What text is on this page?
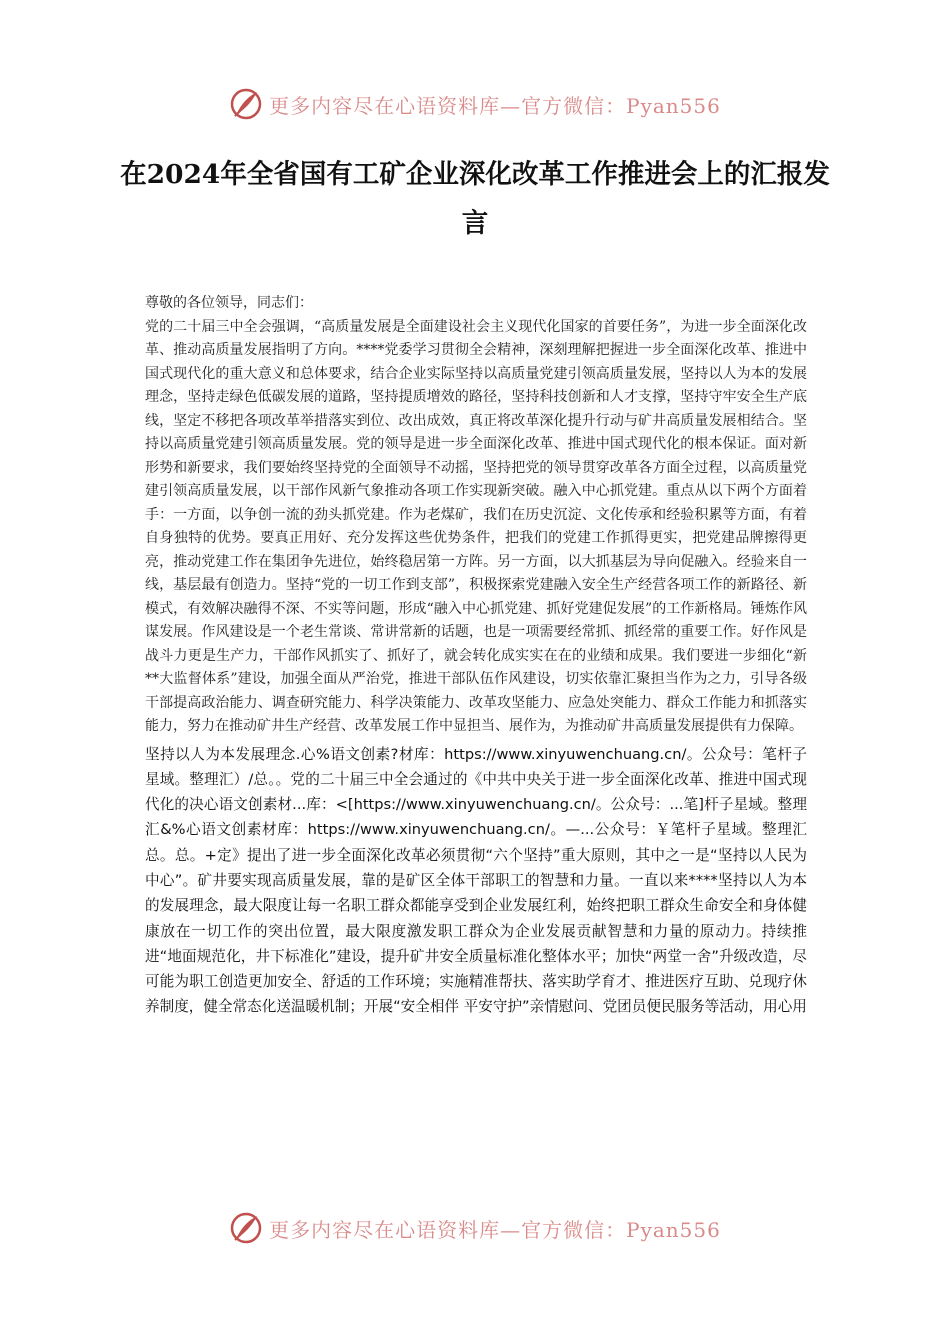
更多内容尽在心语资料库—官方微信：Pyan556
在2024年全省国有工矿企业深化改革工作推进会上的汇报发言

尊敬的各位领导，同志们：

党的二十届三中全会强调，“高质量发展是全面建设社会主义现代化国家的首要任务”，为进一步全面深化改革、推动高质量发展指明了方向。****党委学习贯彻全会精神，深刻理解把握进一步全面深化改革、推进中国式现代化的重大意义和总体要求，结合企业实际坚持以高质量党建引领高质量发展，坚持以人为本的发展理念，坚持走绿色低碳发展的道路，坚持提质增效的路径，坚持科技创新和人才支撑，坚持守牢安全生产底线，坚定不移把各项改革举措落实到位、改出成效，真正将改革深化提升行动与矿井高质量发展相结合。坚持以高质量党建引领高质量发展。党的领导是进一步全面深化改革、推进中国式现代化的根本保证。面对新形势和新要求，我们要始终坚持党的全面领导不动摇，坚持把党的领导贯穿改革各方面全过程，以高质量党建引领高质量发展，以干部作风新气象推动各项工作实现新突破。融入中心抓党建。重点从以下两个方面着手：一方面，以争创一流的劲头抓党建。作为老煤矿，我们在历史沉淀、文化传承和经验积累等方面，有着自身独特的优势。要真正用好、充分发挥这些优势条件，把我们的党建工作抓得更实，把党建品牌擦得更亮，推动党建工作在集团争先进位，始终稳居第一方阵。另一方面，以大抓基层为导向促融入。经验来自一线，基层最有创造力。坚持“党的一切工作到支部”，积极探索党建融入安全生产经营各项工作的新路径、新模式，有效解决融得不深、不实等问题，形成“融入中心抓党建、抓好党建促发展”的工作新格局。锤炼作风谋发展。作风建设是一个老生常谈、常讲常新的话题，也是一项需要经常抓、抓经常的重要工作。好作风是战斗力更是生产力，干部作风抓实了、抓好了，就会转化成实实在在的业绩和成果。我们要进一步细化“新**大监督体系”建设，加强全面从严治党，推进干部队伍作风建设，切实依靠汇聚担当作为之力，引导各级干部提高政治能力、调查研究能力、科学决策能力、改革攻坚能力、应急处突能力、群众工作能力和抓落实能力，努力在推动矿井生产经营、改革发展工作中显担当、展作为，为推动矿井高质量发展提供有力保障。

坚持以人为本发展理念.心%语文创素?材库：https://www.xinyuwenchuang.cn/。公众号：笔杆子星域。整理汇）/总。。党的二十届三中全会通过的《中共中央关于进一步全面深化改革、推进中国式现代化的决心语文创素材...库：<[https://www.xinyuwenchuang.cn/。公众号：...笔]杆子星域。整理汇&%心语文创素材库：https://www.xinyuwenchuang.cn/。—...公众号：￥笔杆子星域。整理汇总。总。+定》提出了进一步全面深化改革必须贯彻“六个坚持”重大原则，其中之一是“坚持以人民为中心”。矿井要实现高质量发展，靠的是矿区全体干部职工的智慧和力量。一直以来****坚持以人为本的发展理念，最大限度让每一名职工群众都能享受到企业发展红利，始终把职工群众生命安全和身体健康放在一切工作的突出位置，最大限度激发职工群众为企业发展贡献智慧和力量的原动力。持续推进“地面规范化，井下标准化”建设，提升矿井安全质量标准化整体水平；加快“两堂一舍”升级改造，尽可能为职工创造更加安全、舒适的工作环境；实施精准帮扶、落实助学育才、推进医疗互助、兑现疗休养制度，健全常态化送温暖机制；开展“安全相伴 平安守护”亲情慰问、党团员便民服务等活动，用心用

更多内容尽在心语资料库—官方微信：Pyan556
